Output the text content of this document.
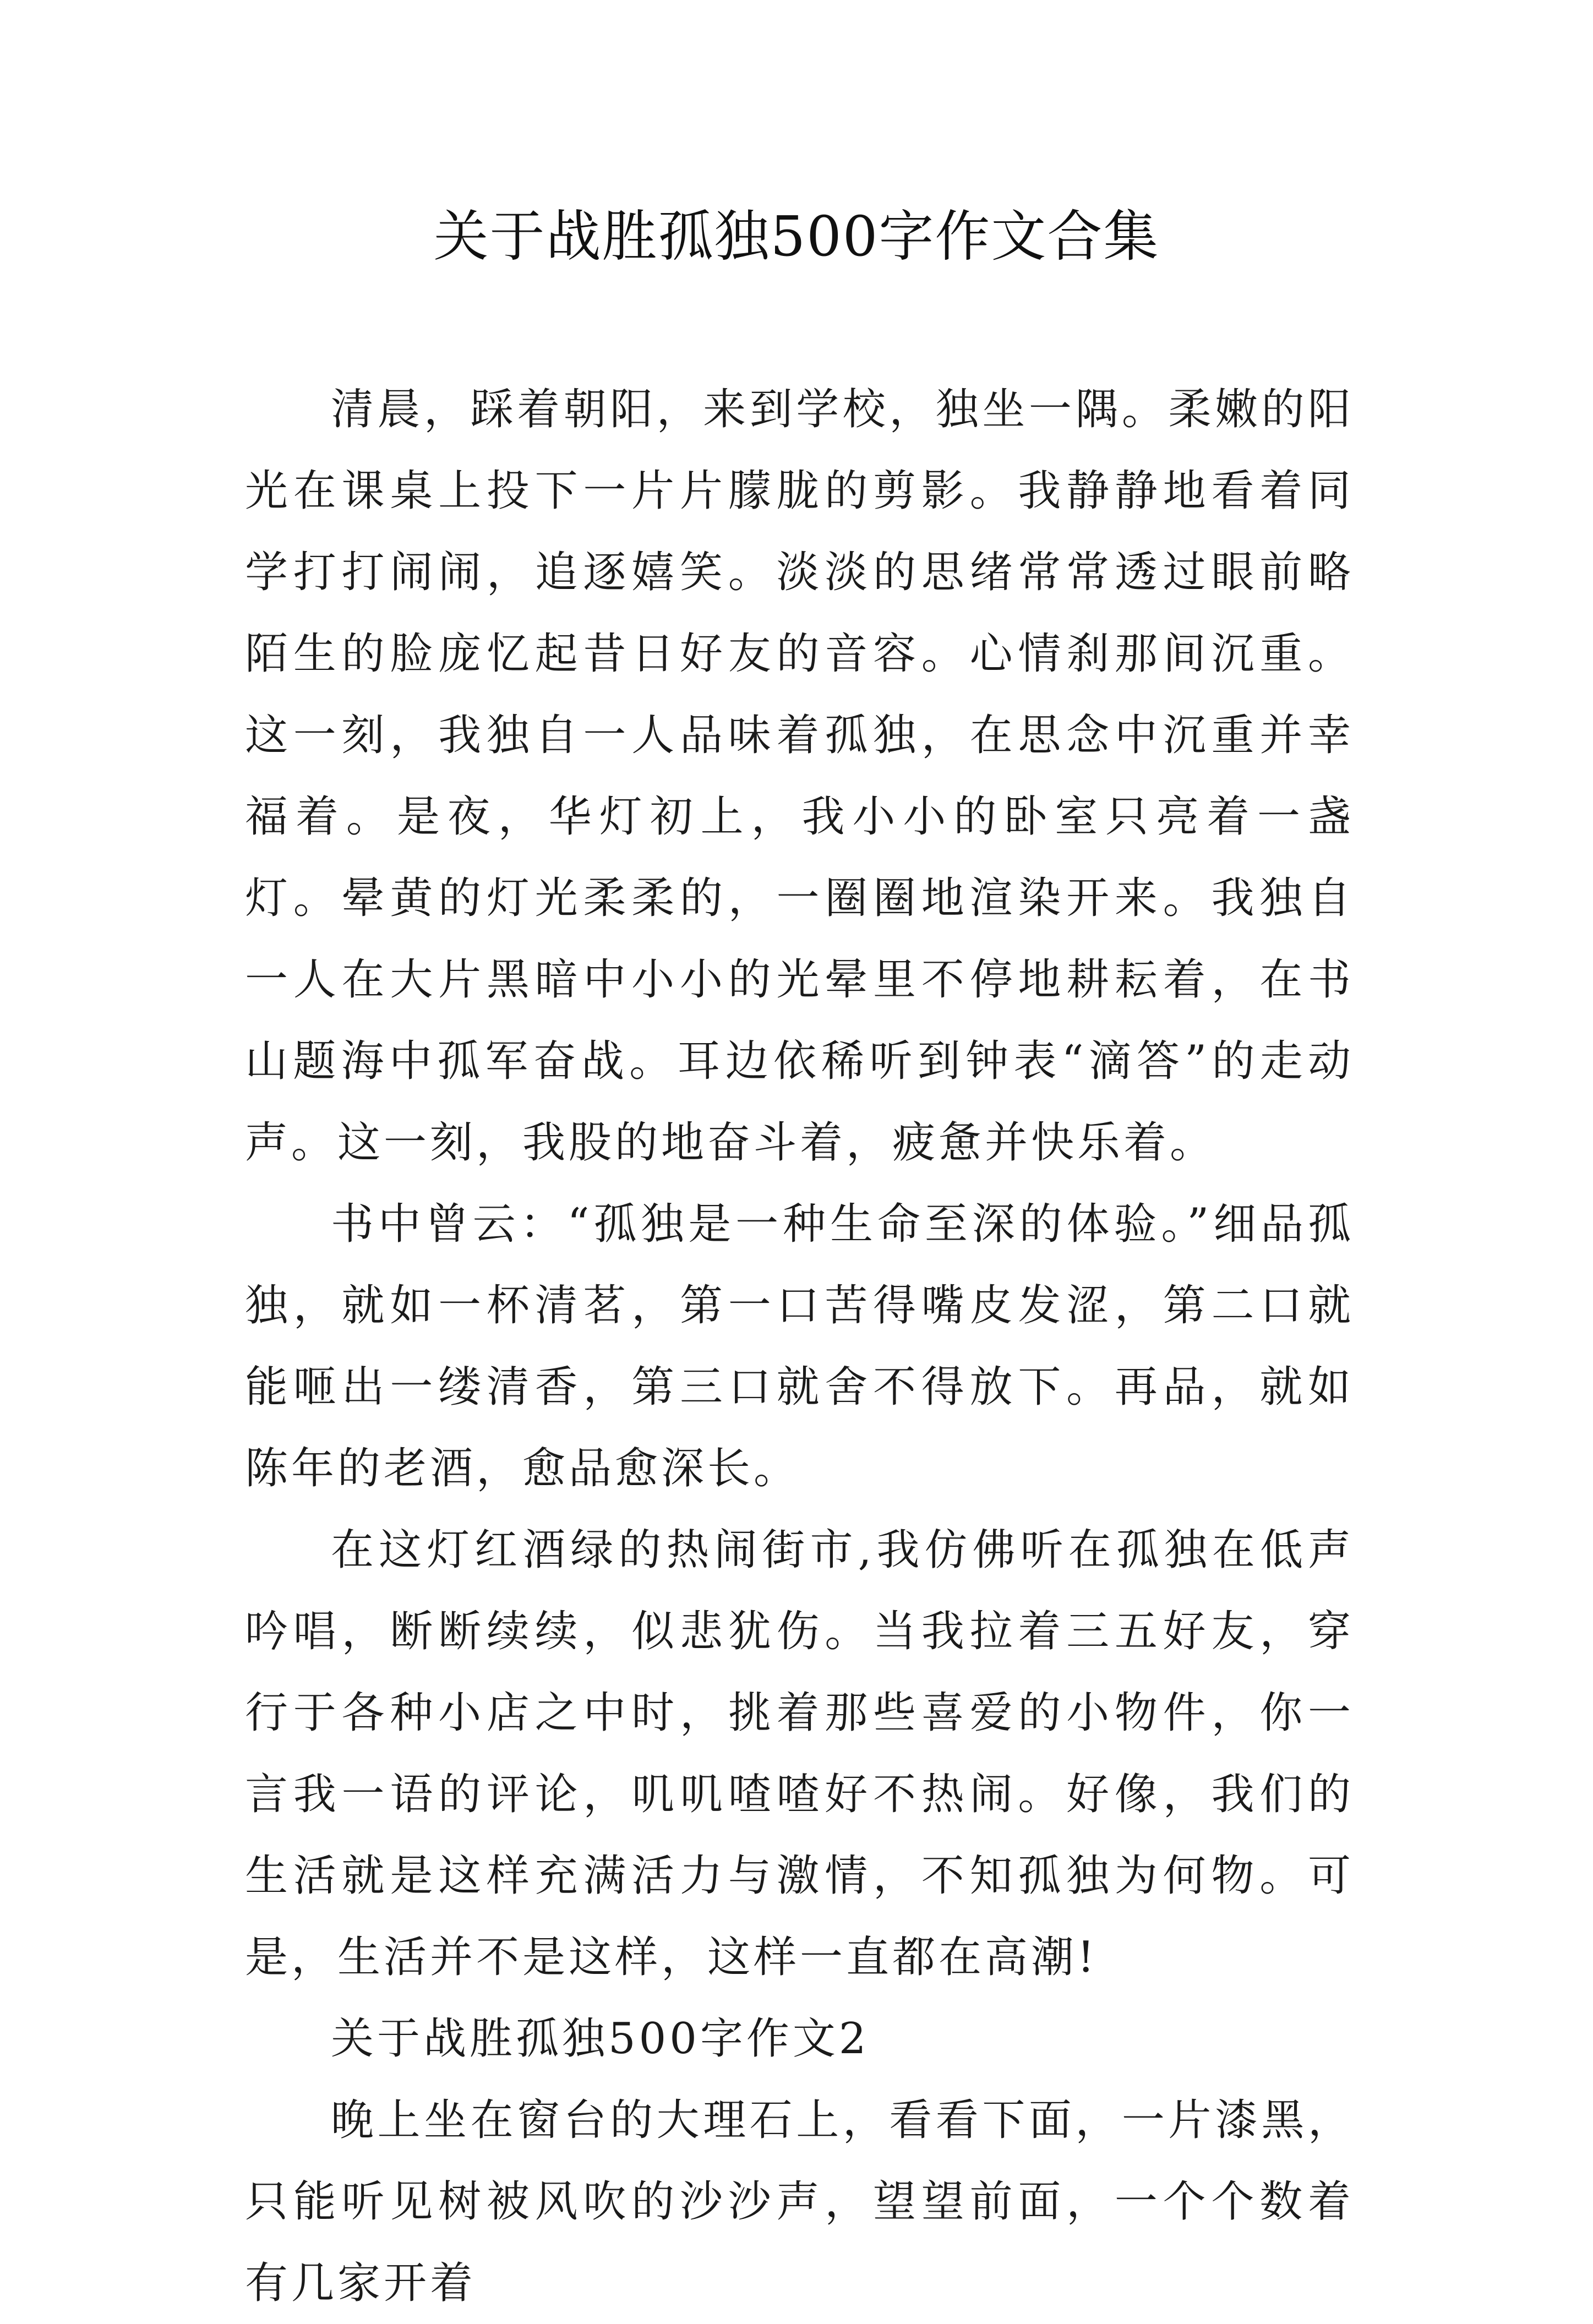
关于战胜孤独500字作文合集

清晨，踩着朝阳，来到学校，独坐一隅。柔嫩的阳光在课桌上投下一片片朦胧的剪影。我静静地看着同学打打闹闹，追逐嬉笑。淡淡的思绪常常透过眼前略陌生的脸庞忆起昔日好友的音容。心情刹那间沉重。这一刻，我独自一人品味着孤独，在思念中沉重并幸福着。是夜，华灯初上，我小小的卧室只亮着一盏灯。晕黄的灯光柔柔的，一圈圈地渲染开来。我独自一人在大片黑暗中小小的光晕里不停地耕耘着，在书山题海中孤军奋战。耳边依稀听到钟表“滴答”的走动声。这一刻，我股的地奋斗着，疲惫并快乐着。

书中曾云：“孤独是一种生命至深的体验。”细品孤独，就如一杯清茗，第一口苦得嘴皮发涩，第二口就能咂出一缕清香，第三口就舍不得放下。再品，就如陈年的老酒，愈品愈深长。

在这灯红酒绿的热闹街市,我仿佛听在孤独在低声吟唱，断断续续，似悲犹伤。当我拉着三五好友，穿行于各种小店之中时，挑着那些喜爱的小物件，你一言我一语的评论，叽叽喳喳好不热闹。好像，我们的生活就是这样充满活力与激情，不知孤独为何物。可是，生活并不是这样，这样一直都在高潮!

关于战胜孤独500字作文2

晚上坐在窗台的大理石上，看看下面，一片漆黑，只能听见树被风吹的沙沙声，望望前面，一个个数着有几家开着
